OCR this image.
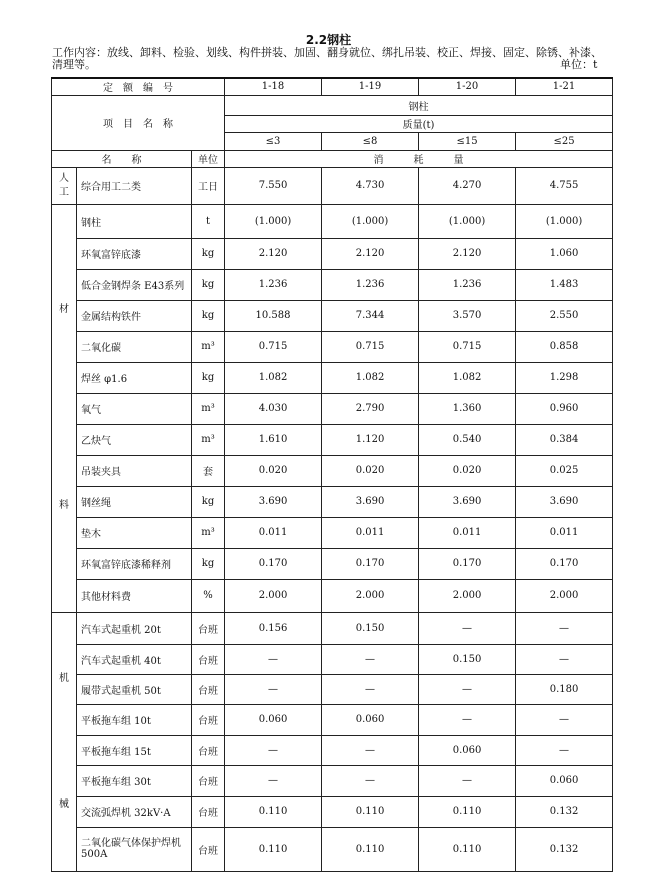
2.2钢柱
工作内容：放线、卸料、检验、划线、构件拼装、加固、翻身就位、绑扎吊装、校正、焊接、固定、除锈、补漆、清理等。	单位：t
定　额　编　号			1-18	1-19	1-20	1-21
项　目　名　称			钢柱			
			质量(t)			
			≤3	≤8	≤15	≤25
名　　称		单位	消　　　耗　　　量			

人
工	综合用工二类	工日	7.550	4.730	4.270	4.755

材
料	钢柱	t	(1.000)	(1.000)	(1.000)	(1.000)
	环氧富锌底漆	kg	2.120	2.120	2.120	1.060
	低合金钢焊条 E43系列	kg	1.236	1.236	1.236	1.483
	金属结构铁件	kg	10.588	7.344	3.570	2.550
	二氧化碳	m³	0.715	0.715	0.715	0.858
	焊丝 φ1.6	kg	1.082	1.082	1.082	1.298
	氧气	m³	4.030	2.790	1.360	0.960
	乙炔气	m³	1.610	1.120	0.540	0.384
	吊装夹具	套	0.020	0.020	0.020	0.025
	钢丝绳	kg	3.690	3.690	3.690	3.690
	垫木	m³	0.011	0.011	0.011	0.011
	环氧富锌底漆稀释剂	kg	0.170	0.170	0.170	0.170
	其他材料费	%	2.000	2.000	2.000	2.000

机
械	汽车式起重机 20t	台班	0.156	0.150	—	—
	汽车式起重机 40t	台班	—	—	0.150	—
	履带式起重机 50t	台班	—	—	—	0.180
	平板拖车组 10t	台班	0.060	0.060	—	—
	平板拖车组 15t	台班	—	—	0.060	—
	平板拖车组 30t	台班	—	—	—	0.060
	交流弧焊机 32kV·A	台班	0.110	0.110	0.110	0.132
	二氧化碳气体保护焊机 500A	台班	0.110	0.110	0.110	0.132
